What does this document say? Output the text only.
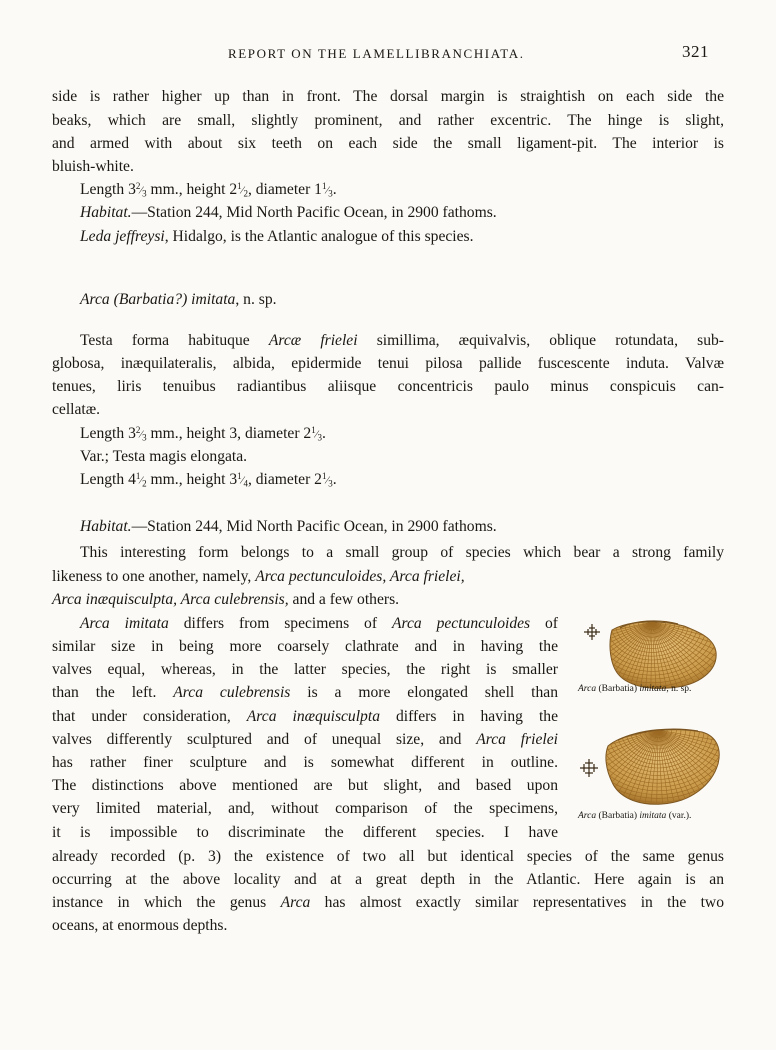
REPORT ON THE LAMELLIBRANCHIATA.	321
side is rather higher up than in front. The dorsal margin is straightish on each side the
beaks, which are small, slightly prominent, and rather excentric. The hinge is slight,
and armed with about six teeth on each side the small ligament-pit. The interior is
bluish-white.
Length $3^2⁄_3$ mm., height $2^1⁄_2$, diameter $1^1⁄_3$.
Habitat.—Station 244, Mid North Pacific Ocean, in 2900 fathoms.
Leda jeffreysi, Hidalgo, is the Atlantic analogue of this species.
Arca (Barbatia?) imitata, n. sp.
Testa forma habituque Arcæ frielei simillima, æquivalvis, oblique rotundata, sub-
globosa, inæquilateralis, albida, epidermide tenui pilosa pallide fuscescente induta. Valvæ
tenues, liris tenuibus radiantibus aliisque concentricis paulo minus conspicuis can-
cellatæ.
Length $3^2⁄_3$ mm., height 3, diameter $2^1⁄_3$.
Var.; Testa magis elongata.
Length $4^1⁄_2$ mm., height $3^1⁄_4$, diameter $2^1⁄_3$.
Habitat.—Station 244, Mid North Pacific Ocean, in 2900 fathoms.
This interesting form belongs to a small group of species which bear a strong family
likeness to one another, namely, Arca pectunculoides, Arca frielei,
Arca inæquisculpta, Arca culebrensis, and a few others.
Arca imitata differs from specimens of Arca pectunculoides of
similar size in being more coarsely clathrate and in having the
valves equal, whereas, in the latter species, the right is smaller
than the left. Arca culebrensis is a more elongated shell than
that under consideration, Arca inæquisculpta differs in having the
valves differently sculptured and of unequal size, and Arca frielei
has rather finer sculpture and is somewhat different in outline.
The distinctions above mentioned are but slight, and based upon
very limited material, and, without comparison of the specimens,
it is impossible to discriminate the different species. I have
already recorded (p. 3) the existence of two all but identical species of the same genus
occurring at the above locality and at a great depth in the Atlantic. Here again is an
instance in which the genus Arca has almost exactly similar representatives in the two
oceans, at enormous depths.
Arca (Barbatia) imitata, n. sp.
Arca (Barbatia) imitata (var.).
